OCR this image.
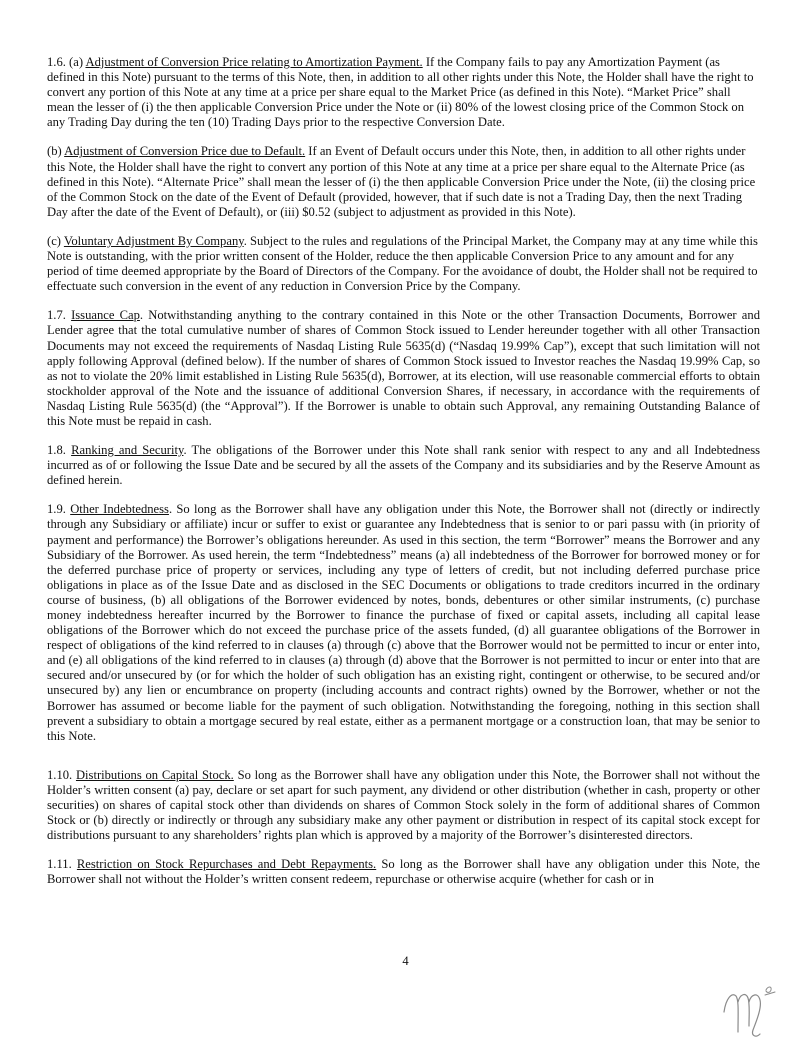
1.6. (a) Adjustment of Conversion Price relating to Amortization Payment. If the Company fails to pay any Amortization Payment (as defined in this Note) pursuant to the terms of this Note, then, in addition to all other rights under this Note, the Holder shall have the right to convert any portion of this Note at any time at a price per share equal to the Market Price (as defined in this Note). “Market Price” shall mean the lesser of (i) the then applicable Conversion Price under the Note or (ii) 80% of the lowest closing price of the Common Stock on any Trading Day during the ten (10) Trading Days prior to the respective Conversion Date.

(b) Adjustment of Conversion Price due to Default. If an Event of Default occurs under this Note, then, in addition to all other rights under this Note, the Holder shall have the right to convert any portion of this Note at any time at a price per share equal to the Alternate Price (as defined in this Note). “Alternate Price” shall mean the lesser of (i) the then applicable Conversion Price under the Note, (ii) the closing price of the Common Stock on the date of the Event of Default (provided, however, that if such date is not a Trading Day, then the next Trading Day after the date of the Event of Default), or (iii) $0.52 (subject to adjustment as provided in this Note).

(c) Voluntary Adjustment By Company. Subject to the rules and regulations of the Principal Market, the Company may at any time while this Note is outstanding, with the prior written consent of the Holder, reduce the then applicable Conversion Price to any amount and for any period of time deemed appropriate by the Board of Directors of the Company. For the avoidance of doubt, the Holder shall not be required to effectuate such conversion in the event of any reduction in Conversion Price by the Company.

1.7. Issuance Cap. Notwithstanding anything to the contrary contained in this Note or the other Transaction Documents, Borrower and Lender agree that the total cumulative number of shares of Common Stock issued to Lender hereunder together with all other Transaction Documents may not exceed the requirements of Nasdaq Listing Rule 5635(d) (“Nasdaq 19.99% Cap”), except that such limitation will not apply following Approval (defined below). If the number of shares of Common Stock issued to Investor reaches the Nasdaq 19.99% Cap, so as not to violate the 20% limit established in Listing Rule 5635(d), Borrower, at its election, will use reasonable commercial efforts to obtain stockholder approval of the Note and the issuance of additional Conversion Shares, if necessary, in accordance with the requirements of Nasdaq Listing Rule 5635(d) (the “Approval”). If the Borrower is unable to obtain such Approval, any remaining Outstanding Balance of this Note must be repaid in cash.

1.8. Ranking and Security. The obligations of the Borrower under this Note shall rank senior with respect to any and all Indebtedness incurred as of or following the Issue Date and be secured by all the assets of the Company and its subsidiaries and by the Reserve Amount as defined herein.

1.9. Other Indebtedness. So long as the Borrower shall have any obligation under this Note, the Borrower shall not (directly or indirectly through any Subsidiary or affiliate) incur or suffer to exist or guarantee any Indebtedness that is senior to or pari passu with (in priority of payment and performance) the Borrower’s obligations hereunder. As used in this section, the term “Borrower” means the Borrower and any Subsidiary of the Borrower. As used herein, the term “Indebtedness” means (a) all indebtedness of the Borrower for borrowed money or for the deferred purchase price of property or services, including any type of letters of credit, but not including deferred purchase price obligations in place as of the Issue Date and as disclosed in the SEC Documents or obligations to trade creditors incurred in the ordinary course of business, (b) all obligations of the Borrower evidenced by notes, bonds, debentures or other similar instruments, (c) purchase money indebtedness hereafter incurred by the Borrower to finance the purchase of fixed or capital assets, including all capital lease obligations of the Borrower which do not exceed the purchase price of the assets funded, (d) all guarantee obligations of the Borrower in respect of obligations of the kind referred to in clauses (a) through (c) above that the Borrower would not be permitted to incur or enter into, and (e) all obligations of the kind referred to in clauses (a) through (d) above that the Borrower is not permitted to incur or enter into that are secured and/or unsecured by (or for which the holder of such obligation has an existing right, contingent or otherwise, to be secured and/or unsecured by) any lien or encumbrance on property (including accounts and contract rights) owned by the Borrower, whether or not the Borrower has assumed or become liable for the payment of such obligation. Notwithstanding the foregoing, nothing in this section shall prevent a subsidiary to obtain a mortgage secured by real estate, either as a permanent mortgage or a construction loan, that may be senior to this Note.

1.10. Distributions on Capital Stock. So long as the Borrower shall have any obligation under this Note, the Borrower shall not without the Holder’s written consent (a) pay, declare or set apart for such payment, any dividend or other distribution (whether in cash, property or other securities) on shares of capital stock other than dividends on shares of Common Stock solely in the form of additional shares of Common Stock or (b) directly or indirectly or through any subsidiary make any other payment or distribution in respect of its capital stock except for distributions pursuant to any shareholders’ rights plan which is approved by a majority of the Borrower’s disinterested directors.

1.11. Restriction on Stock Repurchases and Debt Repayments. So long as the Borrower shall have any obligation under this Note, the Borrower shall not without the Holder’s written consent redeem, repurchase or otherwise acquire (whether for cash or in

4
